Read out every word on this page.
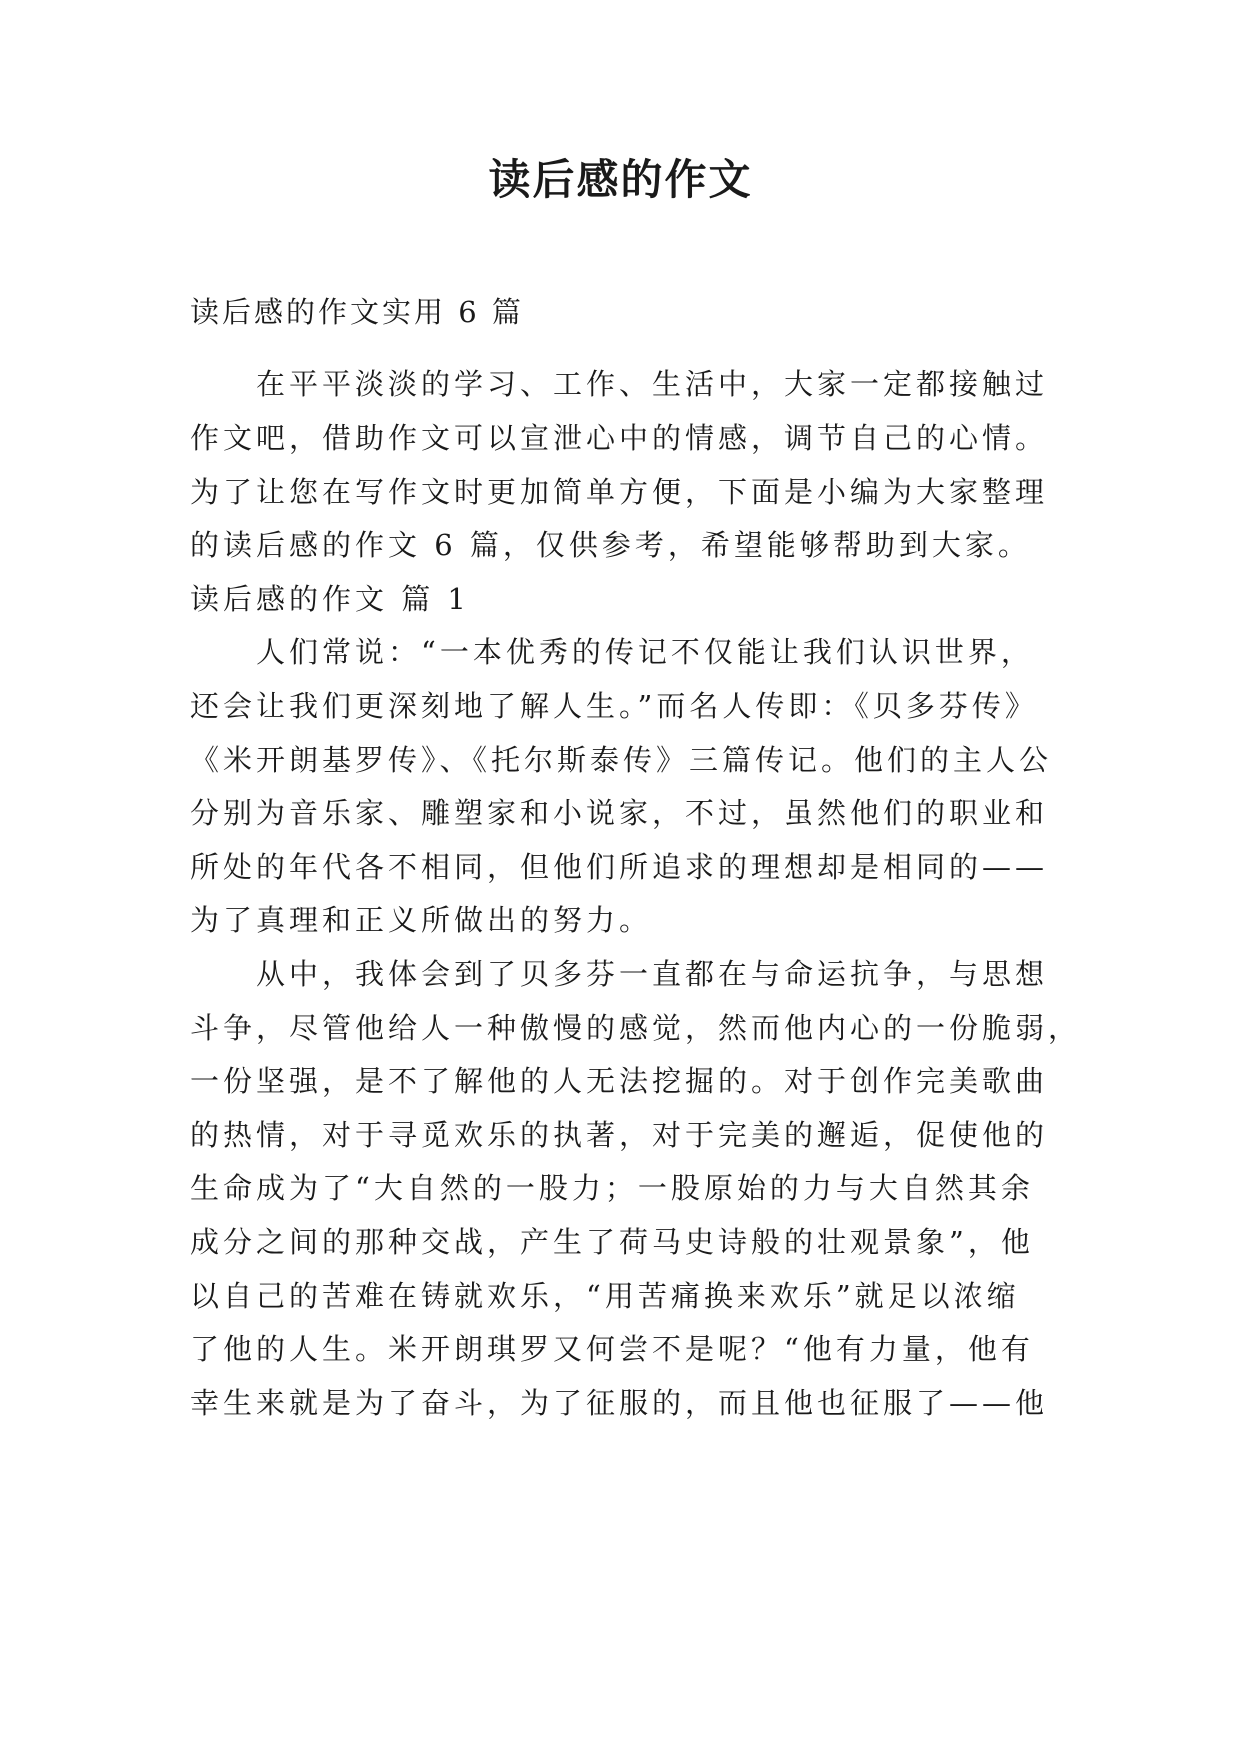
读后感的作文
读后感的作文实用 6 篇
在平平淡淡的学习、工作、生活中，大家一定都接触过
作文吧，借助作文可以宣泄心中的情感，调节自己的心情。
为了让您在写作文时更加简单方便，下面是小编为大家整理
的读后感的作文 6 篇，仅供参考，希望能够帮助到大家。
读后感的作文 篇 1
人们常说：“一本优秀的传记不仅能让我们认识世界，
还会让我们更深刻地了解人生。”而名人传即：《贝多芬传》
《米开朗基罗传》、《托尔斯泰传》三篇传记。他们的主人公
分别为音乐家、雕塑家和小说家，不过，虽然他们的职业和
所处的年代各不相同，但他们所追求的理想却是相同的——
为了真理和正义所做出的努力。
从中，我体会到了贝多芬一直都在与命运抗争，与思想
斗争，尽管他给人一种傲慢的感觉，然而他内心的一份脆弱，
一份坚强，是不了解他的人无法挖掘的。对于创作完美歌曲
的热情，对于寻觅欢乐的执著，对于完美的邂逅，促使他的
生命成为了“大自然的一股力；一股原始的力与大自然其余
成分之间的那种交战，产生了荷马史诗般的壮观景象”，他
以自己的苦难在铸就欢乐，“用苦痛换来欢乐”就足以浓缩
了他的人生。米开朗琪罗又何尝不是呢？“他有力量，他有
幸生来就是为了奋斗，为了征服的，而且他也征服了——他
